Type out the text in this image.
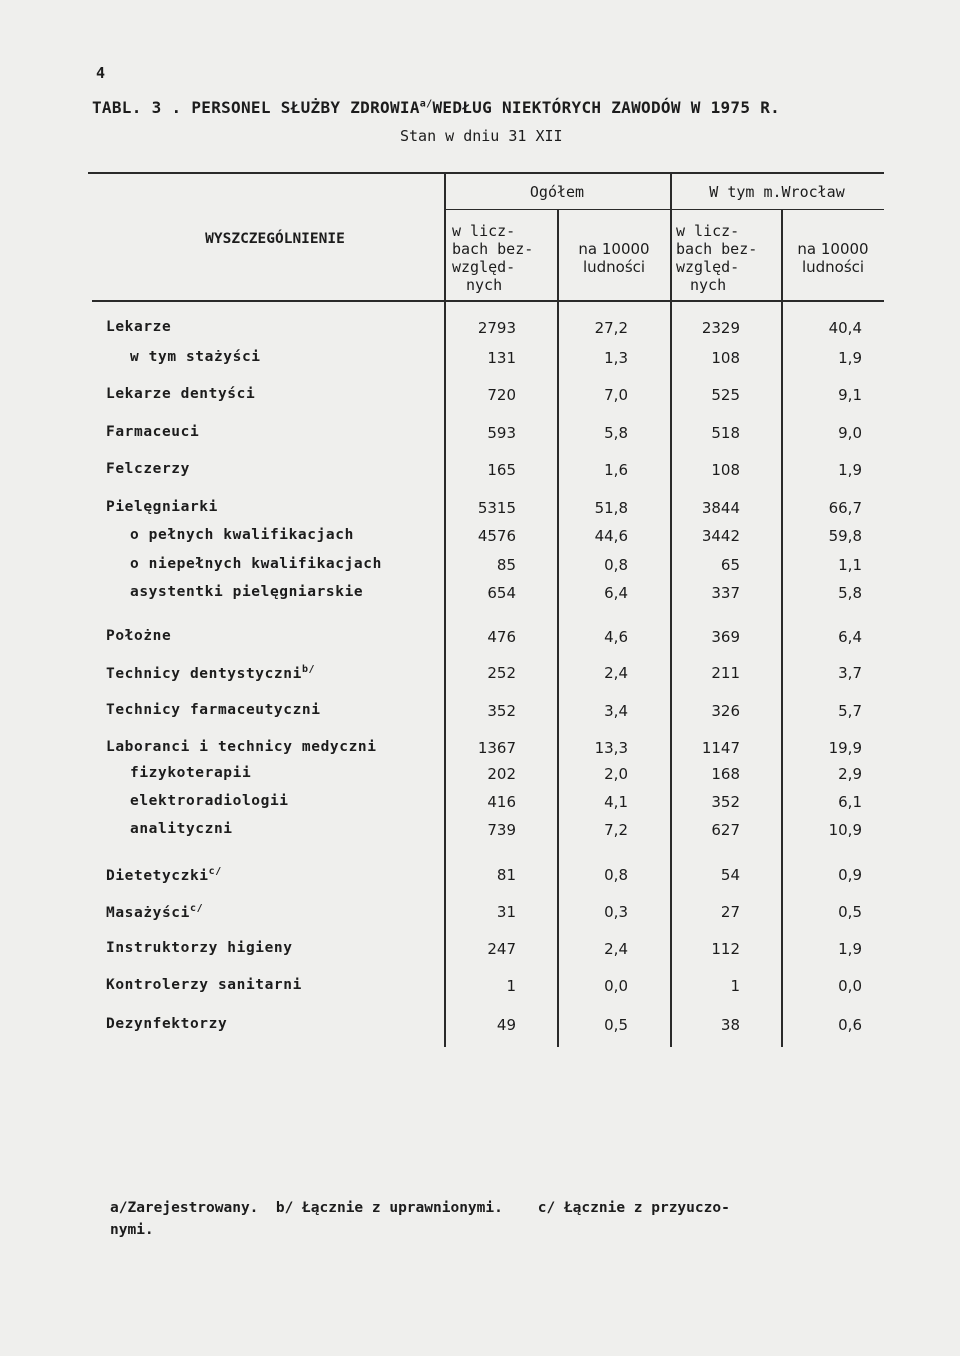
4
TABL. 3 . PERSONEL SŁUŻBY $ZDROWIA^{a/}WEDŁUG$ NIEKTÓRYCH ZAWODÓW W 1975 R.
Stan w dniu 31 XII
WYSZCZEGÓLNIENIE
Ogółem	W tym m.Wrocław
w licz-
bach bez-
względ-
nych
na 10000
ludności
w licz-
bach bez-
względ-
nych
na 10000
ludności
Lekarze	2793	27,2	2329	40,4
w tym stażyści	131	1,3	108	1,9
Lekarze dentyści	720	7,0	525	9,1
Farmaceuci	593	5,8	518	9,0
Felczerzy	165	1,6	108	1,9
Pielęgniarki	5315	51,8	3844	66,7
o pełnych kwalifikacjach	4576	44,6	3442	59,8
o niepełnych kwalifikacjach	85	0,8	65	1,1
asystentki pielęgniarskie	654	6,4	337	5,8
Położne	476	4,6	369	6,4
Technicy dentystyczni$^{b/}$	252	2,4	211	3,7
Technicy farmaceutyczni	352	3,4	326	5,7
Laboranci i technicy medyczni	1367	13,3	1147	19,9
fizykoterapii	202	2,0	168	2,9
elektroradiologii	416	4,1	352	6,1
analityczni	739	7,2	627	10,9
Dietetyczki$^{c/}$	81	0,8	54	0,9
Masażyści$^{c/}$	31	0,3	27	0,5
Instruktorzy higieny	247	2,4	112	1,9
Kontrolerzy sanitarni	1	0,0	1	0,0
Dezynfektorzy	49	0,5	38	0,6
a/Zarejestrowany.  b/ Łącznie z uprawnionymi.    c/ Łącznie z przyuczo-
nymi.
